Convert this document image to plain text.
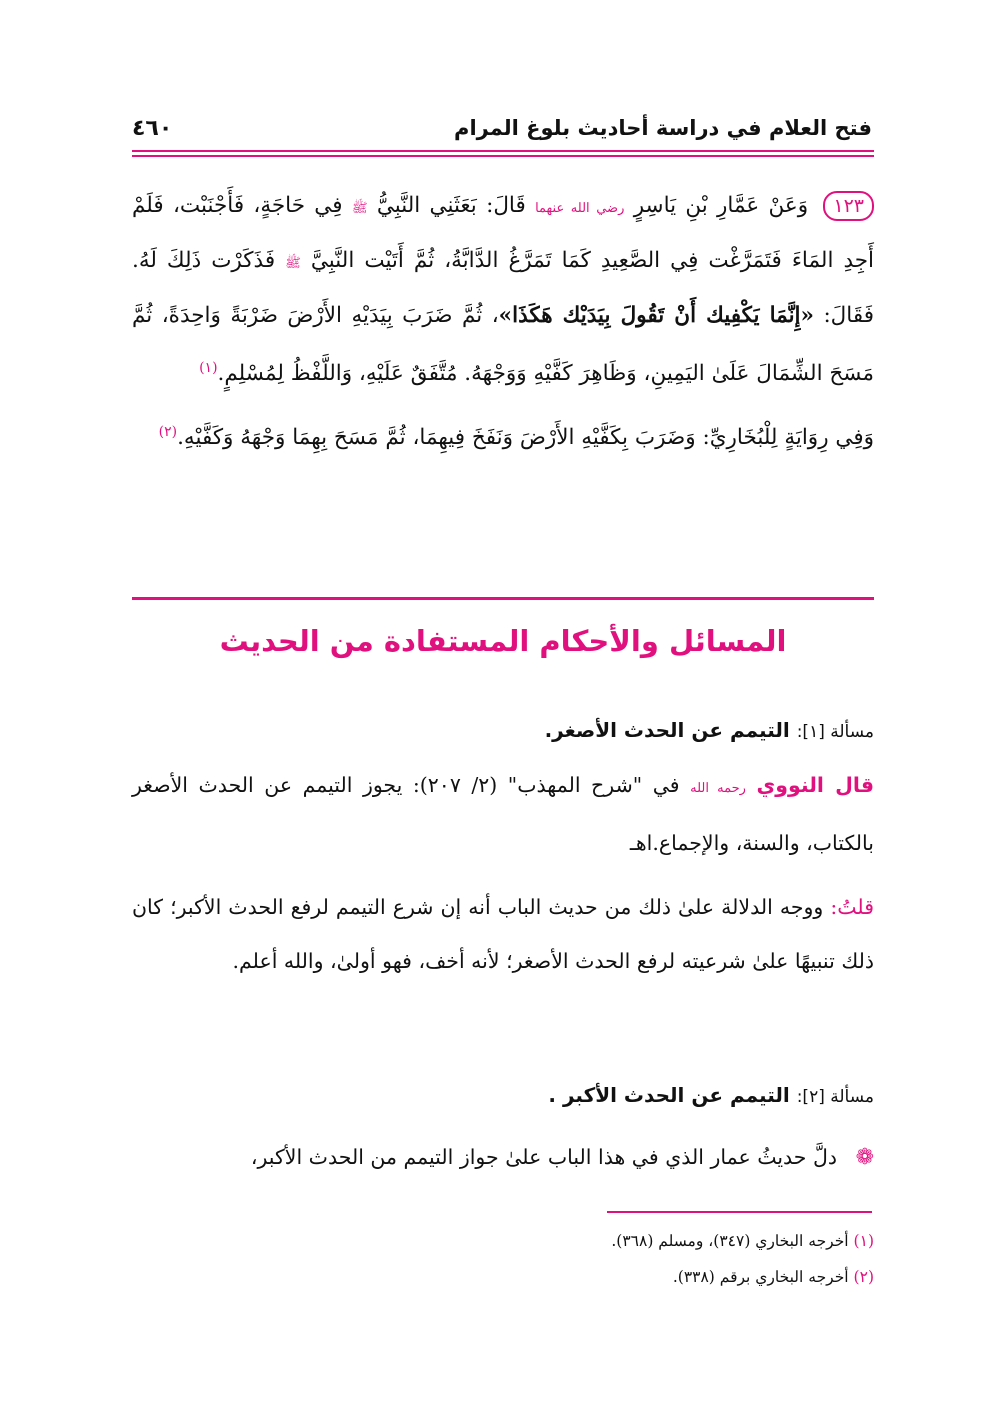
فتح العلام في دراسة أحاديث بلوغ المرام
٤٦٠

١٢٣ وَعَنْ عَمَّارِ بْنِ يَاسِرٍ رضي الله عنهما قَالَ: بَعَثَنِي النَّبِيُّ ﷺ فِي حَاجَةٍ، فَأَجْنَبْت، فَلَمْ أَجِدِ المَاءَ فَتَمَرَّغْت فِي الصَّعِيدِ كَمَا تَمَرَّغُ الدَّابَّةُ، ثُمَّ أَتَيْت النَّبِيَّ ﷺ فَذَكَرْت ذَلِكَ لَهُ. فَقَالَ: «إِنَّمَا يَكْفِيك أَنْ تَقُولَ بِيَدَيْك هَكَذَا»، ثُمَّ ضَرَبَ بِيَدَيْهِ الأَرْضَ ضَرْبَةً وَاحِدَةً، ثُمَّ مَسَحَ الشِّمَالَ عَلَىٰ اليَمِينِ، وَظَاهِرَ كَفَّيْهِ وَوَجْهَهُ. مُتَّفَقٌ عَلَيْهِ، وَاللَّفْظُ لِمُسْلِمٍ.$^{(١)}$

وَفِي رِوَايَةٍ لِلْبُخَارِيِّ: وَضَرَبَ بِكَفَّيْهِ الأَرْضَ وَنَفَخَ فِيهِمَا، ثُمَّ مَسَحَ بِهِمَا وَجْهَهُ وَكَفَّيْهِ.$^{(٢)}$

المسائل والأحكام المستفادة من الحديث
مسألة [١]: التيمم عن الحدث الأصغر.

قال النووي رحمه الله في "شرح المهذب" (٢/ ٢٠٧): يجوز التيمم عن الحدث الأصغر بالكتاب، والسنة، والإجماع.اهـ

قلتُ: ووجه الدلالة علىٰ ذلك من حديث الباب أنه إن شرع التيمم لرفع الحدث الأكبر؛ كان ذلك تنبيهًا علىٰ شرعيته لرفع الحدث الأصغر؛ لأنه أخف، فهو أولىٰ، والله أعلم.

مسألة [٢]: التيمم عن الحدث الأكبر .

❁ دلَّ حديثُ عمار الذي في هذا الباب علىٰ جواز التيمم من الحدث الأكبر،

(١) أخرجه البخاري (٣٤٧)، ومسلم (٣٦٨).
(٢) أخرجه البخاري برقم (٣٣٨).
